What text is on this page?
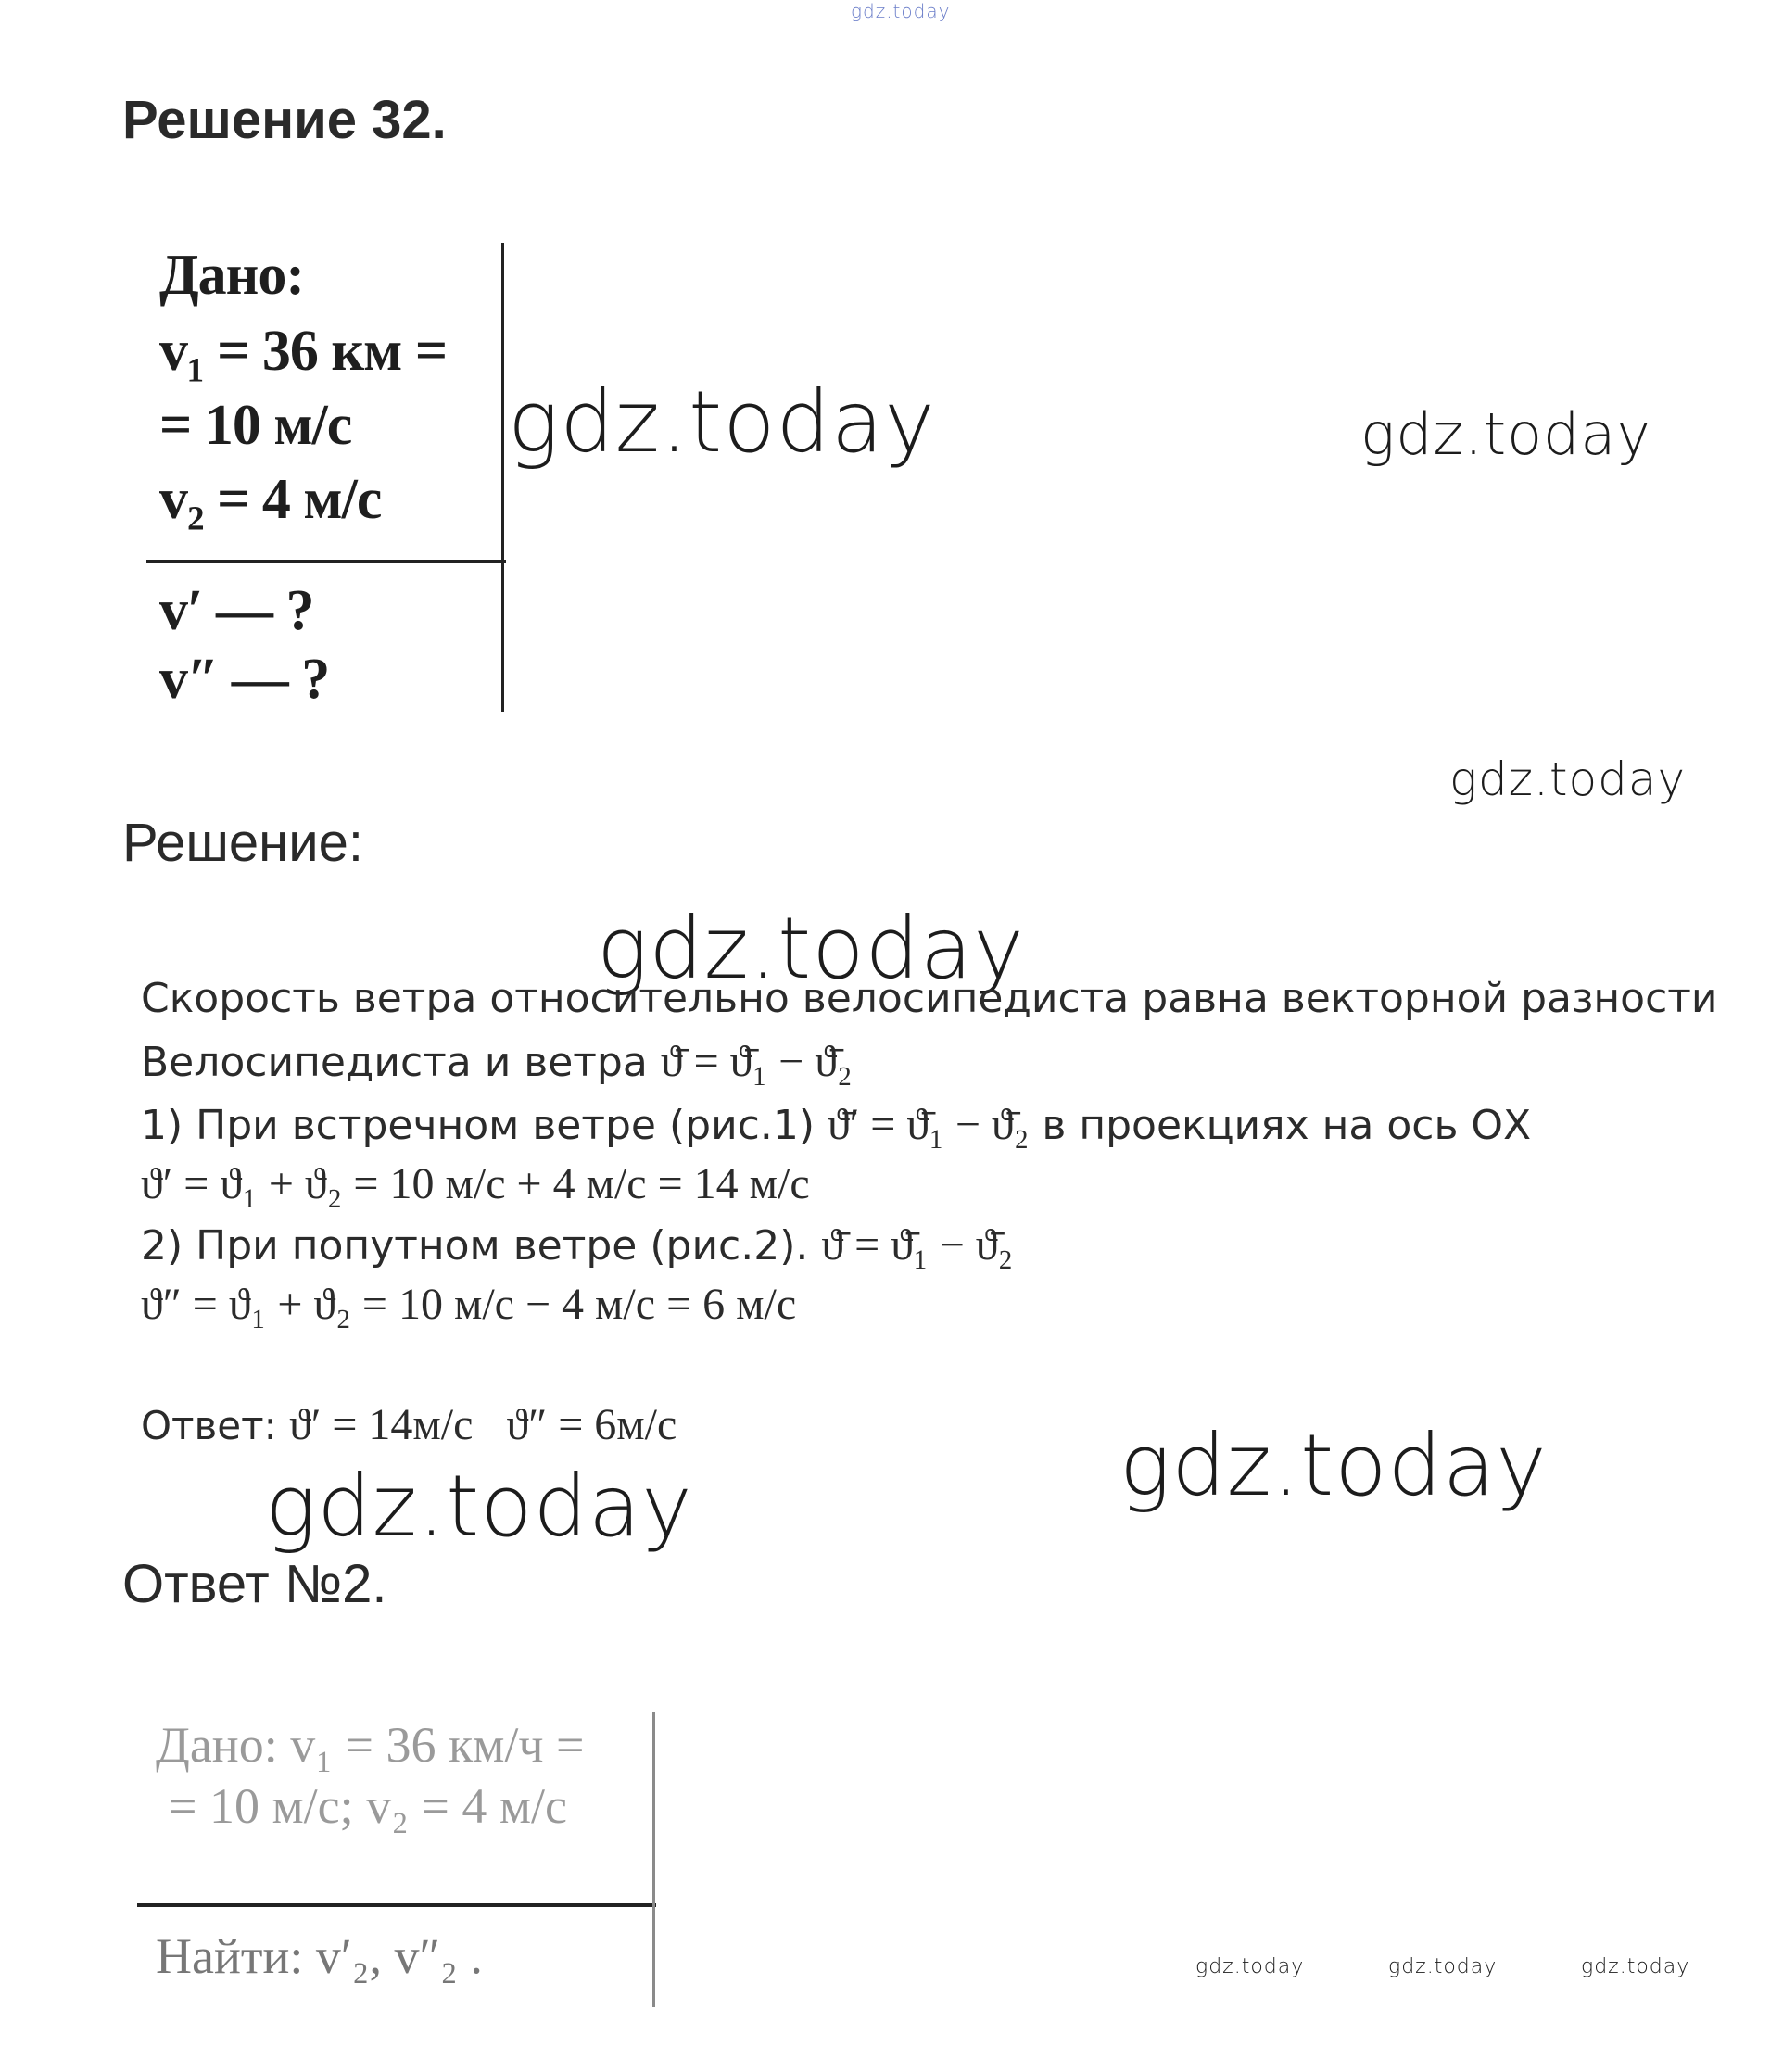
gdz.today
gdz.today	gdz.today
gdz.today
gdz.today
gdz.today
gdz.today
gdz.today	gdz.today	gdz.today
Решение 32.
Дано:
v₁ = 36 км =
= 10 м/с
v₂ = 4 м/с
v′ — ?
v″ — ?
Решение:
Скорость ветра относительно велосипедиста равна векторной разности
Велосипедиста и ветра ϑ̄ = ϑ̄₁ − ϑ̄₂
1) При встречном ветре (рис.1) ϑ̄′ = ϑ̄₁ − ϑ̄₂ в проекциях на ось ОХ
ϑ′ = ϑ₁ + ϑ₂ = 10 м/с + 4 м/с = 14 м/с
2) При попутном ветре (рис.2). ϑ̄ = ϑ̄₁ − ϑ̄₂
ϑ″ = ϑ₁ + ϑ₂ = 10 м/с − 4 м/с = 6 м/с
Ответ: ϑ′ = 14м/с   ϑ″ = 6м/с
Ответ №2.
Дано: v₁ = 36 км/ч =
= 10 м/с; v₂ = 4 м/с
Найти: v′₂, v″₂ .
